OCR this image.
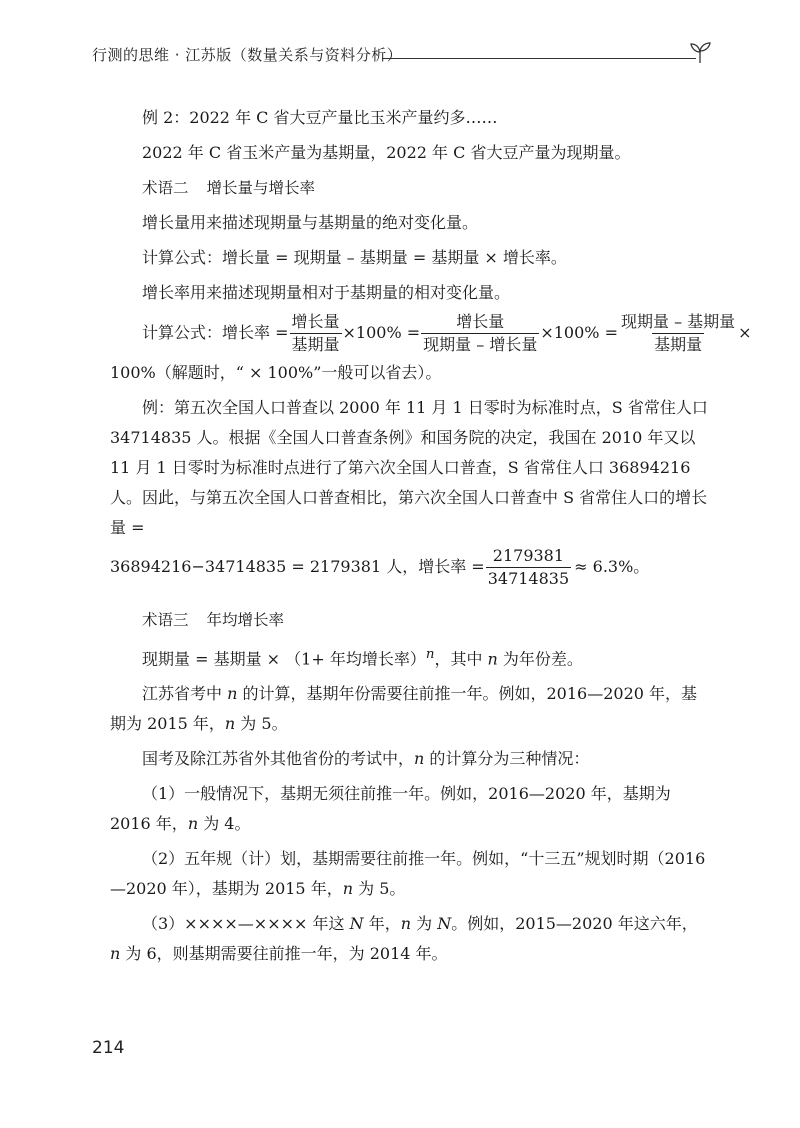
行测的思维 · 江苏版（数量关系与资料分析）

例 2：2022 年 C 省大豆产量比玉米产量约多……

2022 年 C 省玉米产量为基期量，2022 年 C 省大豆产量为现期量。

术语二 增长量与增长率

增长量用来描述现期量与基期量的绝对变化量。

计算公式：增长量 = 现期量 – 基期量 = 基期量 × 增长率。

增长率用来描述现期量相对于基期量的相对变化量。

计算公式：增长率 = $\frac{\text{增长量}}{\text{基期量}} \times 100\% = \frac{\text{增长量}}{\text{现期量 – 增长量}} \times 100\% = \frac{\text{现期量 – 基期量}}{\text{基期量}}$ ×

100%（解题时，“ × 100%”一般可以省去）。

例：第五次全国人口普查以 2000 年 11 月 1 日零时为标准时点，S 省常住人口 34714835 人。根据《全国人口普查条例》和国务院的决定，我国在 2010 年又以 11 月 1 日零时为标准时点进行了第六次全国人口普查，S 省常住人口 36894216 人。因此，与第五次全国人口普查相比，第六次全国人口普查中 S 省常住人口的增长量 =

36894216−34714835 = 2179381 人，增长率 = $\frac{2179381}{34714835} \approx 6.3\%$。

术语三 年均增长率

现期量 = 基期量 × （1+ 年均增长率）$^n$，其中 n 为年份差。

江苏省考中 n 的计算，基期年份需要往前推一年。例如，2016—2020 年，基期为 2015 年，n 为 5。

国考及除江苏省外其他省份的考试中，n 的计算分为三种情况：

（1）一般情况下，基期无须往前推一年。例如，2016—2020 年，基期为 2016 年，n 为 4。

（2）五年规（计）划，基期需要往前推一年。例如，“十三五”规划时期（2016—2020 年），基期为 2015 年，n 为 5。

（3）××××—×××× 年这 N 年，n 为 N。例如，2015—2020 年这六年，n 为 6，则基期需要往前推一年，为 2014 年。

214
